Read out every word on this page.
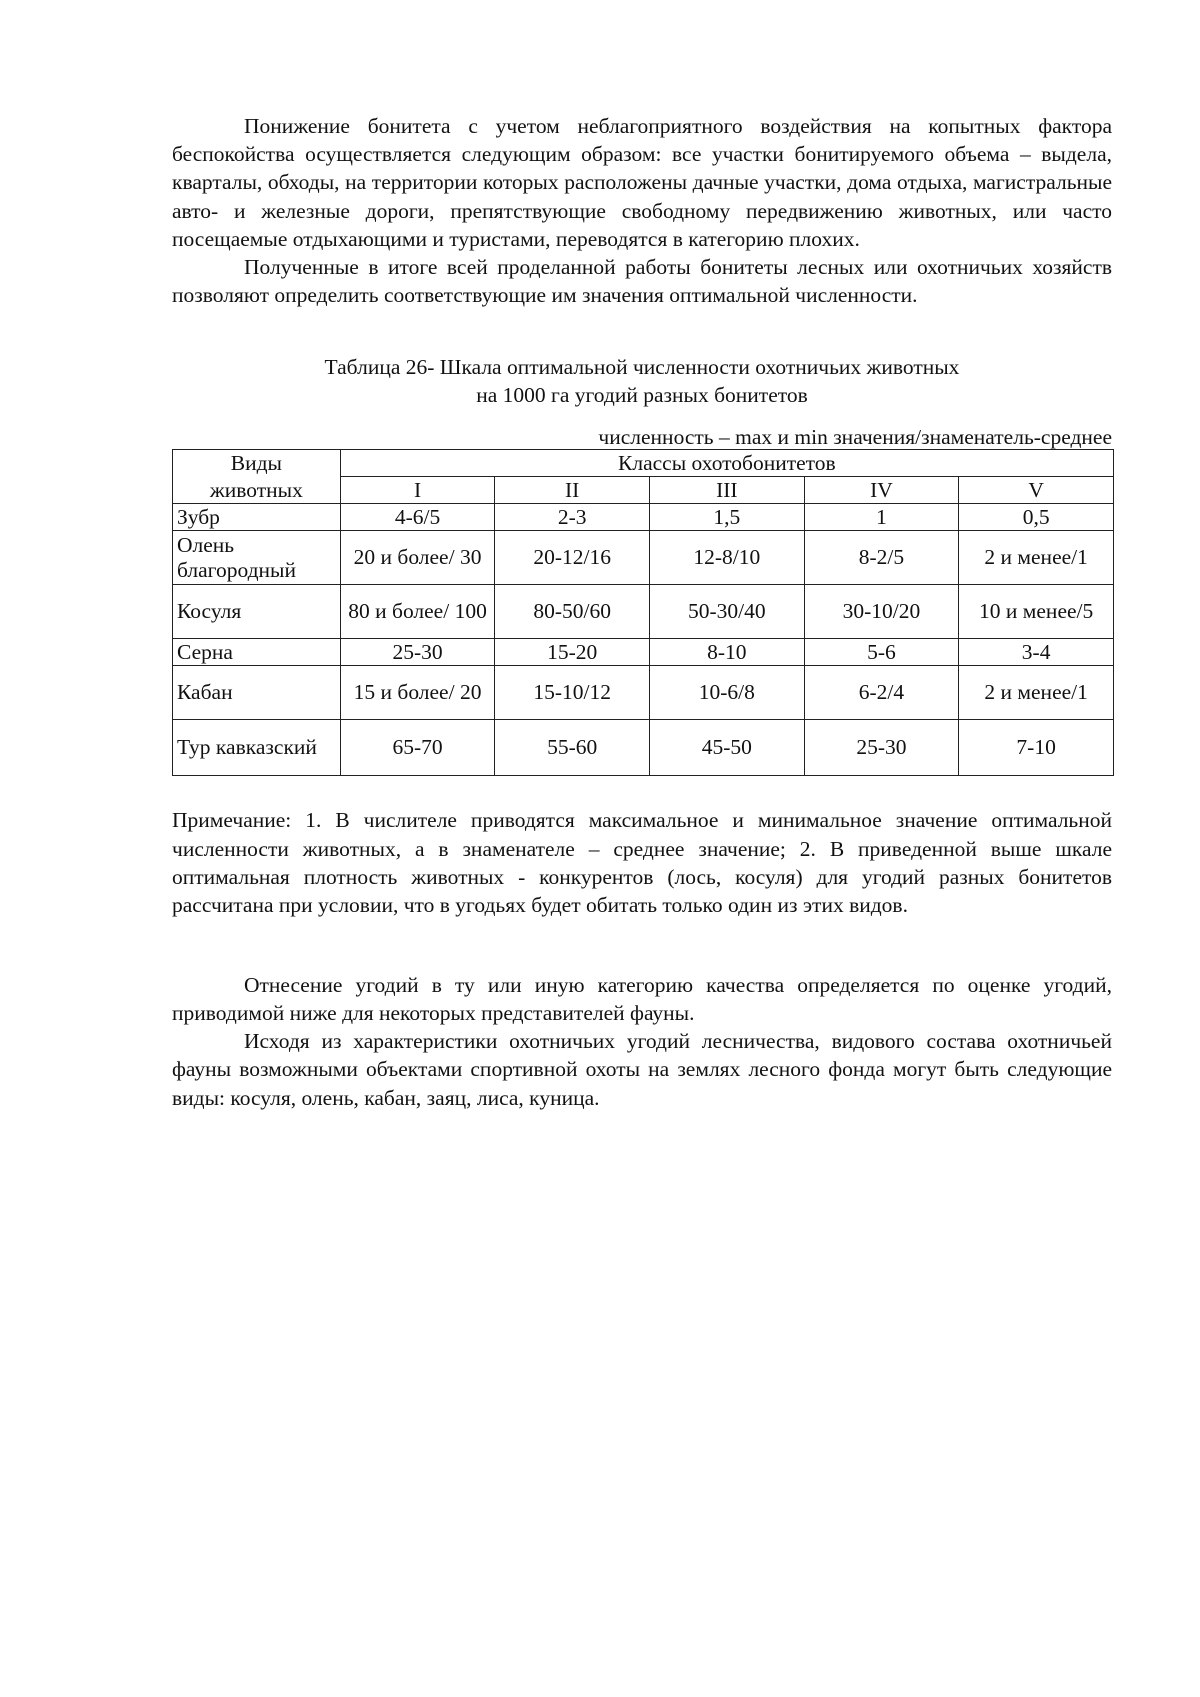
Понижение бонитета с учетом неблагоприятного воздействия на копытных фактора беспокойства осуществляется следующим образом: все участки бонитируемого объема – выдела, кварталы, обходы, на территории которых расположены дачные участки, дома отдыха, магистральные авто- и железные дороги, препятствующие свободному передвижению животных, или часто посещаемые отдыхающими и туристами, переводятся в категорию плохих.

Полученные в итоге всей проделанной работы бонитеты лесных или охотничьих хозяйств позволяют определить соответствующие им значения оптимальной численности.

Таблица 26- Шкала оптимальной численности охотничьих животных
на 1000 га угодий разных бонитетов
численность – max и min значения/знаменатель-среднее
Виды	Классы охотобонитетов				
животных	I	II	III	IV	V
Зубр	4-6/5	2-3	1,5	1	0,5
Олень благородный	20 и более/ 30	20-12/16	12-8/10	8-2/5	2 и менее/1
Косуля	80 и более/ 100	80-50/60	50-30/40	30-10/20	10 и менее/5
Серна	25-30	15-20	8-10	5-6	3-4
Кабан	15 и более/ 20	15-10/12	10-6/8	6-2/4	2 и менее/1
Тур кавказский	65-70	55-60	45-50	25-30	7-10

Примечание: 1. В числителе приводятся максимальное и минимальное значение оптимальной численности животных, а в знаменателе – среднее значение; 2. В приведенной выше шкале оптимальная плотность животных - конкурентов (лось, косуля) для угодий разных бонитетов рассчитана при условии, что в угодьях будет обитать только один из этих видов.

Отнесение угодий в ту или иную категорию качества определяется по оценке угодий, приводимой ниже для некоторых представителей фауны.

Исходя из характеристики охотничьих угодий лесничества, видового состава охотничьей фауны возможными объектами спортивной охоты на землях лесного фонда могут быть следующие виды: косуля, олень, кабан, заяц, лиса, куница.
